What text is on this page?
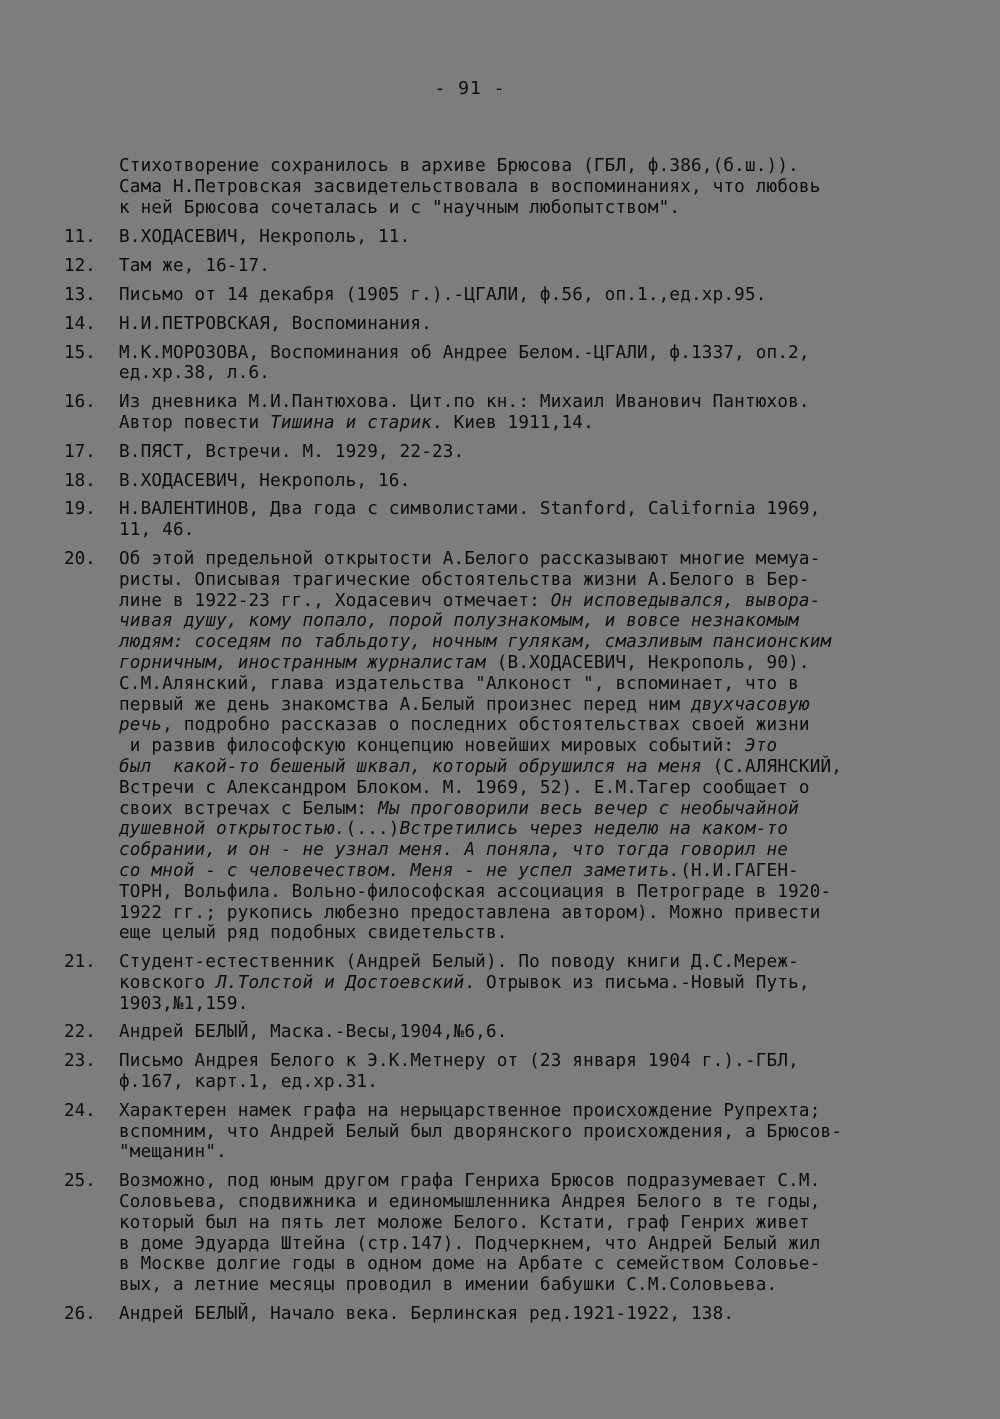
- 91 -
Стихотворение сохранилось в архиве Брюсова (ГБЛ, ф.386,(б.ш.)).
Сама Н.Петровская засвидетельствовала в воспоминаниях, что любовь
к ней Брюсова сочеталась и с "научным любопытством".
11.	В.ХОДАСЕВИЧ, Некрополь, 11.
12.	Там же, 16-17.
13.	Письмо от 14 декабря (1905 г.).-ЦГАЛИ, ф.56, оп.1.,ед.хр.95.
14.	Н.И.ПЕТРОВСКАЯ, Воспоминания.
15.	М.К.МОРОЗОВА, Воспоминания об Андрее Белом.-ЦГАЛИ, ф.1337, оп.2,
ед.хр.38, л.6.
16.	Из дневника М.И.Пантюхова. Цит.по кн.: Михаил Иванович Пантюхов.
Автор повести Тишина и старик. Киев 1911,14.
17.	В.ПЯСТ, Встречи. М. 1929, 22-23.
18.	В.ХОДАСЕВИЧ, Некрополь, 16.
19.	Н.ВАЛЕНТИНОВ, Два года с символистами. Stanford, California 1969,
11, 46.
20.	Об этой предельной открытости А.Белого рассказывают многие мемуа-
ристы. Описывая трагические обстоятельства жизни А.Белого в Бер-
лине в 1922-23 гг., Ходасевич отмечает: Он исповедывался, вывора-
чивая душу, кому попало, порой полузнакомым, и вовсе незнакомым
людям: соседям по табльдоту, ночным гулякам, смазливым пансионским
горничным, иностранным журналистам (В.ХОДАСЕВИЧ, Некрополь, 90).
С.М.Алянский, глава издательства "Алконост ", вспоминает, что в
первый же день знакомства А.Белый произнес перед ним двухчасовую
речь, подробно рассказав о последних обстоятельствах своей жизни
и развив философскую концепцию новейших мировых событий: Это
был  какой-то бешеный шквал, который обрушился на меня (С.АЛЯНСКИЙ,
Встречи с Александром Блоком. М. 1969, 52). Е.М.Тагер сообщает о
своих встречах с Белым: Мы проговорили весь вечер с необычайной
душевной открытостью.(...)Встретились через неделю на каком-то
собрании, и он - не узнал меня. А поняла, что тогда говорил не
со мной - с человечеством. Меня - не успел заметить.(Н.И.ГАГЕН-
ТОРН, Вольфила. Вольно-философская ассоциация в Петрограде в 1920-
1922 гг.; рукопись любезно предоставлена автором). Можно привести
еще целый ряд подобных свидетельств.
21.	Студент-естественник (Андрей Белый). По поводу книги Д.С.Мереж-
ковского Л.Толстой и Достоевский. Отрывок из письма.-Новый Путь,
1903,№1,159.
22.	Андрей БЕЛЫЙ, Маска.-Весы,1904,№6,6.
23.	Письмо Андрея Белого к Э.К.Метнеру от (23 января 1904 г.).-ГБЛ,
ф.167, карт.1, ед.хр.31.
24.	Характерен намек графа на нерыцарственное происхождение Рупрехта;
вспомним, что Андрей Белый был дворянского происхождения, а Брюсов-
"мещанин".
25.	Возможно, под юным другом графа Генриха Брюсов подразумевает С.М.
Соловьева, сподвижника и единомышленника Андрея Белого в те годы,
который был на пять лет моложе Белого. Кстати, граф Генрих живет
в доме Эдуарда Штейна (стр.147). Подчеркнем, что Андрей Белый жил
в Москве долгие годы в одном доме на Арбате с семейством Соловье-
вых, а летние месяцы проводил в имении бабушки С.М.Соловьева.
26.	Андрей БЕЛЫЙ, Начало века. Берлинская ред.1921-1922, 138.
